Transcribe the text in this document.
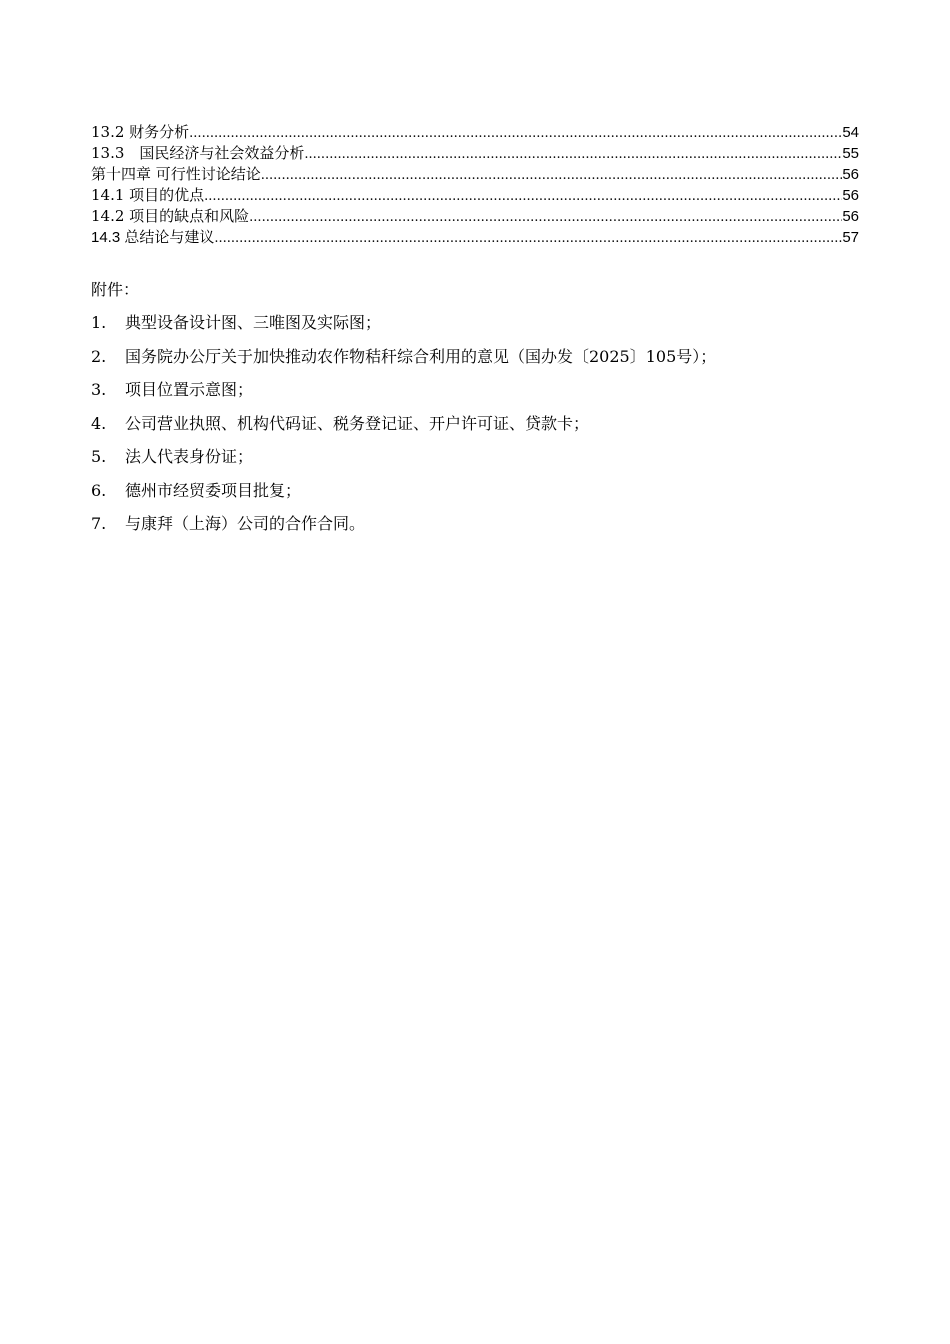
13.2 财务分析 .....	54
13.3　国民经济与社会效益分析 .....	55
第十四章 可行性讨论结论 .....	56
14.1 项目的优点 .....	56
14.2 项目的缺点和风险 .....	56
14.3 总结论与建议 .....	57
附件：
1.	典型设备设计图、三唯图及实际图；
2.	国务院办公厅关于加快推动农作物秸秆综合利用的意见（国办发〔2025〕105号）；
3.	项目位置示意图；
4.	公司营业执照、机构代码证、税务登记证、开户许可证、贷款卡；
5.	法人代表身份证；
6.	德州市经贸委项目批复；
7.	与康拜（上海）公司的合作合同。
